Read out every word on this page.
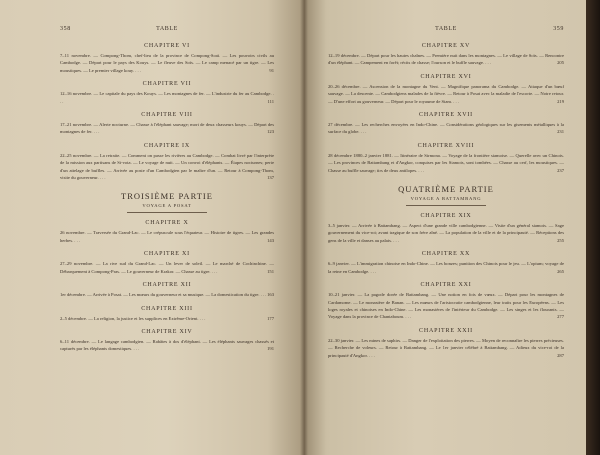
358	TABLE
CHAPITRE VI

7–11 novembre. — Compong-Thom, chef-lieu de la province de Compong-Soaï. — Les pouvoirs civils au Cambodge. — Départ pour le pays des Kouys. — Le fleuve des Soïs. — Le camp menacé par un tigre. — Les moustiques. — Le premier village kouy. . . .	91

CHAPITRE VII

12–16 novembre. — Le capitale du pays des Kouys. — Les montagnes de fer. — L'industrie du fer au Cambodge. . . .	111

CHAPITRE VIII

17–21 novembre. — Alerte nocturne. — Chasse à l'éléphant sauvage; mort de deux chasseurs kouys. — Départ des montagnes de fer. . . .	123

CHAPITRE IX

22–25 novembre. — La retraite. — Comment on passe les rivières au Cambodge. — Combat livré par l'interprète de la mission aux partisans de Si-vota. — Le voyage de nuit. — Un convoi d'éléphants. — Étapes nocturnes; perte d'un attelage de buffles. — Arrivée au poste d'un Cambodgien par le maître d'un. — Retour à Compong-Thom, visite du gouverneur. . . .	137

TROISIÈME PARTIE
VOYAGE A POSAT
CHAPITRE X

26 novembre. — Traversée du Grand-Lac. — Le crépuscule sous l'équateur. — Histoire de tigres. — Les grandes herbes. . . .	143

CHAPITRE XI

27–29 novembre. — La rive sud du Grand-Lac. — Un lever de soleil. — Le marché de Cochinchine. — Débarquement à Compong-Pras. — Le gouverneur de Krakor. — Chasse au tigre. . . .	151

CHAPITRE XII

1er décembre. — Arrivée à Posat. — Les mœurs du gouverneur et sa musique. — La domestication du tigre. . . . 163

CHAPITRE XIII

2–5 décembre. — La religion, la justice et les supplices en Extrême-Orient. . . .	177

CHAPITRE XIV

6–11 décembre. — Le langage cambodgien. — Rabâtes à dos d'éléphant. — Les éléphants sauvages chassés et capturés par les éléphants domestiques. . . .	191

TABLE	359
CHAPITRE XV

12–19 décembre. — Départ pour les hautes chaînes. — Première nuit dans les montagnes. — Le village de Soïs. — Rencontre d'un éléphant. — Campement en forêt; récits de chasse; l'ourson et le buffle sauvage. . . .	205

CHAPITRE XVI

20–26 décembre. — Ascension de la montagne du Vent. — Magnifique panorama du Cambodge. — Attaque d'un bœuf sauvage. — La descente. — Cambodgiens malades de la fièvre. — Retour à Posat avec la maladie de l'escorte. — Notre retour. — D'une effort au gouverneur. — Départ pour le royaume de Siam. . . .	219

CHAPITRE XVII

27 décembre. — Les recherches envoyées en Indo-Chine. — Considérations géologiques sur les gisements métalliques à la surface du globe. . . .	231

CHAPITRE XVIII

28 décembre 1880–2 janvier 1881. — Itinéraire de Sirmona. — Voyage de la frontière siamoise. — Querelle avec un Chinois. — Les provinces de Battambang et d'Angkor, conquises par les Siamois, sont tombées. — Chasse au cerf, les moustiques. — Chasse au buffle sauvage; tirs de deux antilopes. . . .	237

QUATRIÈME PARTIE
VOYAGE A BATTAMBANG
CHAPITRE XIX

3–5 janvier. — Arrivée à Battambang. — Aspect d'une grande ville cambodgienne. — Visite d'un général siamois. — Sage gouvernement du vice-roi; avant tragique de son frère aîné. — La population de la ville et de la principauté. — Réceptions des gens de la ville et danses au palais. . . .	255

CHAPITRE XX

6–9 janvier. — L'immigration chinoise en Indo-Chine. — Les bonzes; punition des Chinois pour le jeu. — L'opium; voyage de la reine en Cambodge. . . .	265

CHAPITRE XXI

10–21 janvier. — La pagode dorée de Battambang. — Une notion en fois de vœux. — Départ pour les montagnes de Cardamome. — Le monastère de Banan. — Les mœurs de l'aristocratie cambodgienne, leur traits pour les Européens. — Les loges royales et chinoises en Indo-Chine. — Les monastères de l'intérieur du Cambodge. — Les singes et les flourants. — Voyage dans la province de Chantaboum. . . .	277

CHAPITRE XXII

22–30 janvier. — Les mines de saphirs. — Danger de l'exploitation des pierres. — Moyen de reconnaître les pierres précieuses. — Recherche de voleurs. — Retour à Battambang. — Le 1er janvier célébré à Battambang. — Adieux du vice-roi de la principauté d'Angkor. . . .	287
